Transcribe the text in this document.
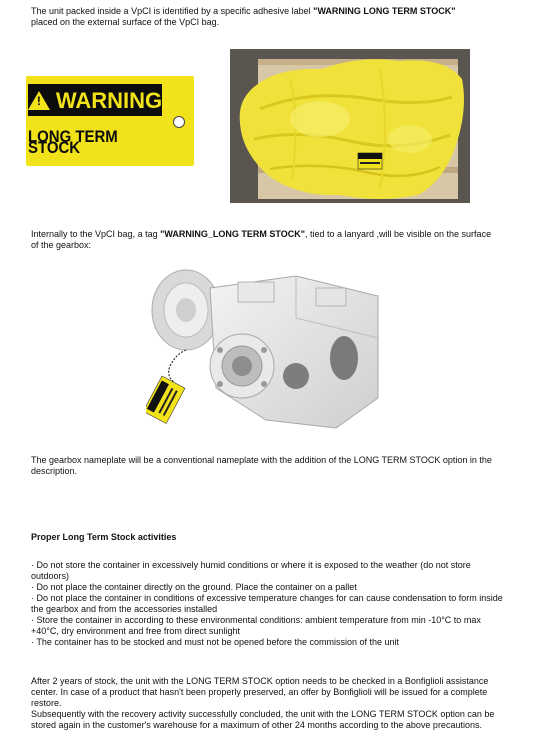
The unit packed inside a VpCI is identified by a specific adhesive label "WARNING LONG TERM STOCK" placed on the external surface of the VpCI bag.

! WARNING
LONG TERM STOCK

Internally to the VpCI bag, a tag "WARNING_LONG TERM STOCK", tied to a lanyard ,will be visible on the surface of the gearbox:

The gearbox nameplate will be a conventional nameplate with the addition of the LONG TERM STOCK option in the description.

Proper Long Term Stock activities

· Do not store the container in excessively humid conditions or where it is exposed to the weather (do not store outdoors)

· Do not place the container directly on the ground. Place the container on a pallet

· Do not place the container in conditions of excessive temperature changes for can cause condensation to form inside the gearbox and from the accessories installed

· Store the container in according to these environmental conditions: ambient temperature from min -10°C to max +40°C, dry environment and free from direct sunlight

· The container has to be stocked and must not be opened before the commission of the unit

After 2 years of stock, the unit with the LONG TERM STOCK option needs to be checked in a Bonfiglioli assistance center. In case of a product that hasn't been properly preserved, an offer by Bonfiglioli will be issued for a complete restore.

Subsequently with the recovery activity successfully concluded, the unit with the LONG TERM STOCK option can be stored again in the customer's warehouse for a maximum of other 24 months according to the above precautions.
